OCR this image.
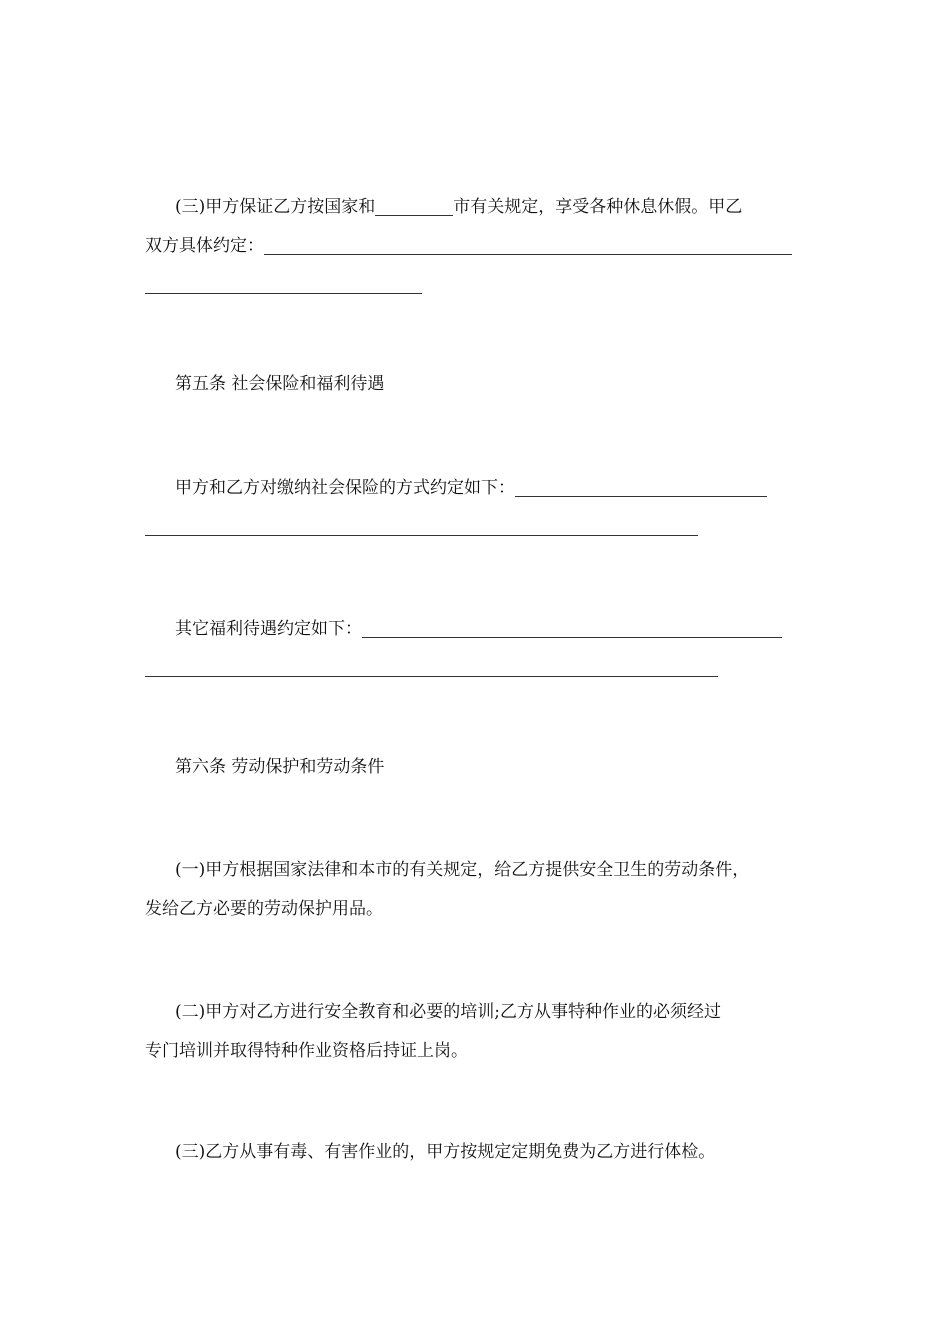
(三)甲方保证乙方按国家和	市有关规定，享受各种休息休假。甲乙
双方具体约定：
第五条 社会保险和福利待遇
甲方和乙方对缴纳社会保险的方式约定如下：
其它福利待遇约定如下：
第六条 劳动保护和劳动条件
(一)甲方根据国家法律和本市的有关规定，给乙方提供安全卫生的劳动条件，
发给乙方必要的劳动保护用品。
(二)甲方对乙方进行安全教育和必要的培训;乙方从事特种作业的必须经过
专门培训并取得特种作业资格后持证上岗。
(三)乙方从事有毒、有害作业的，甲方按规定定期免费为乙方进行体检。
